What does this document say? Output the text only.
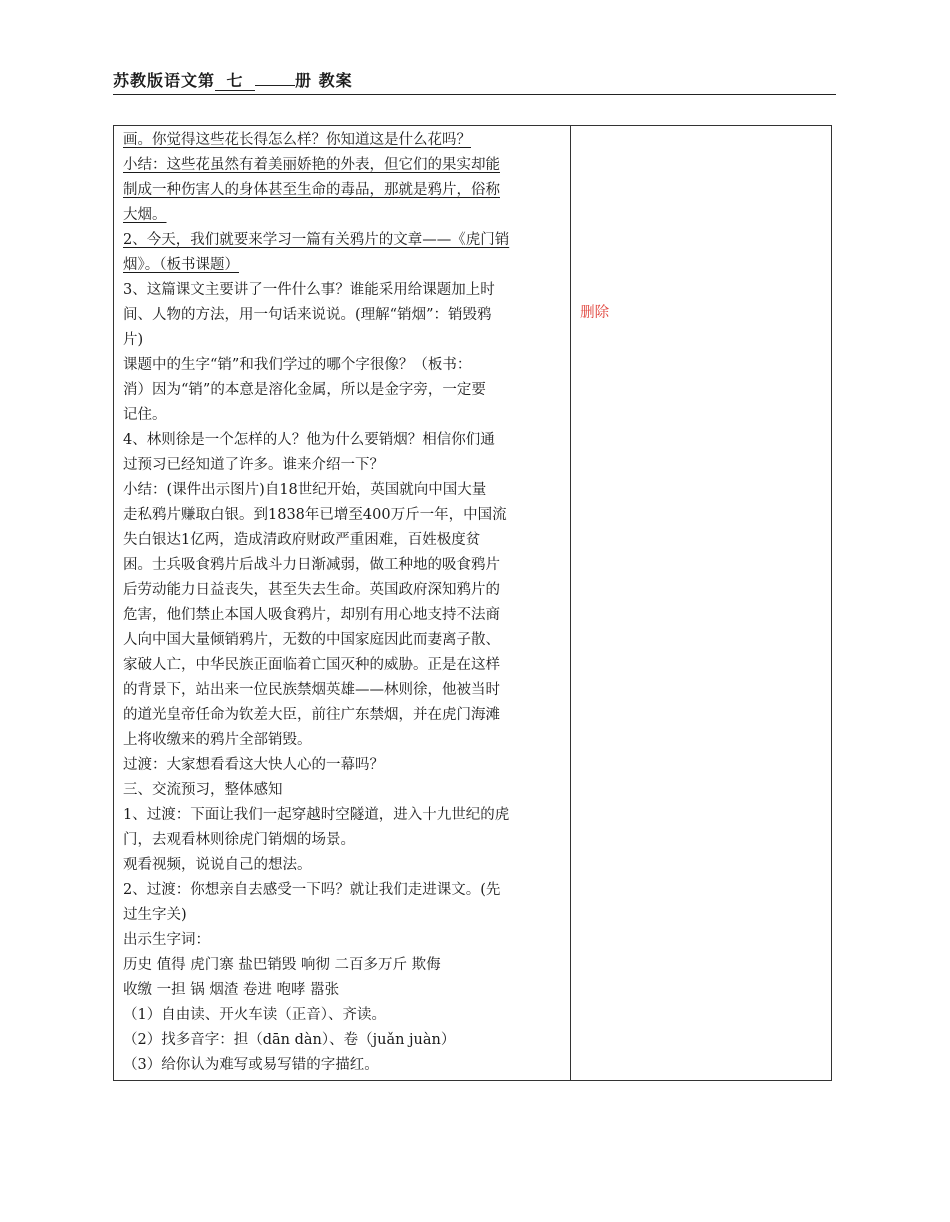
苏教版语文第 七	册 教案
画。你觉得这些花长得怎么样？你知道这是什么花吗？
小结：这些花虽然有着美丽娇艳的外表，但它们的果实却能
制成一种伤害人的身体甚至生命的毒品，那就是鸦片，俗称
大烟。
2、今天，我们就要来学习一篇有关鸦片的文章——《虎门销
烟》。（板书课题）
3、这篇课文主要讲了一件什么事？谁能采用给课题加上时
间、人物的方法，用一句话来说说。(理解“销烟”：销毁鸦
片)
课题中的生字“销”和我们学过的哪个字很像？（板书：
消）因为“销”的本意是溶化金属，所以是金字旁，一定要
记住。
4、林则徐是一个怎样的人？他为什么要销烟？相信你们通
过预习已经知道了许多。谁来介绍一下？
小结：(课件出示图片)自18世纪开始，英国就向中国大量
走私鸦片赚取白银。到1838年已增至400万斤一年，中国流
失白银达1亿两，造成清政府财政严重困难，百姓极度贫
困。士兵吸食鸦片后战斗力日渐减弱，做工种地的吸食鸦片
后劳动能力日益丧失，甚至失去生命。英国政府深知鸦片的
危害，他们禁止本国人吸食鸦片，却别有用心地支持不法商
人向中国大量倾销鸦片，无数的中国家庭因此而妻离子散、
家破人亡，中华民族正面临着亡国灭种的威胁。正是在这样
的背景下，站出来一位民族禁烟英雄——林则徐，他被当时
的道光皇帝任命为钦差大臣，前往广东禁烟，并在虎门海滩
上将收缴来的鸦片全部销毁。
过渡：大家想看看这大快人心的一幕吗？
三、交流预习，整体感知
1、过渡：下面让我们一起穿越时空隧道，进入十九世纪的虎
门，去观看林则徐虎门销烟的场景。
观看视频，说说自己的想法。
2、过渡：你想亲自去感受一下吗？就让我们走进课文。(先
过生字关)
出示生字词：
历史 值得 虎门寨 盐巴销毁 响彻 二百多万斤 欺侮
收缴 一担 锅 烟渣 卷进 咆哮 嚣张
（1）自由读、开火车读（正音）、齐读。
（2）找多音字：担（dān dàn）、卷（juǎn juàn）
（3）给你认为难写或易写错的字描红。

删除
